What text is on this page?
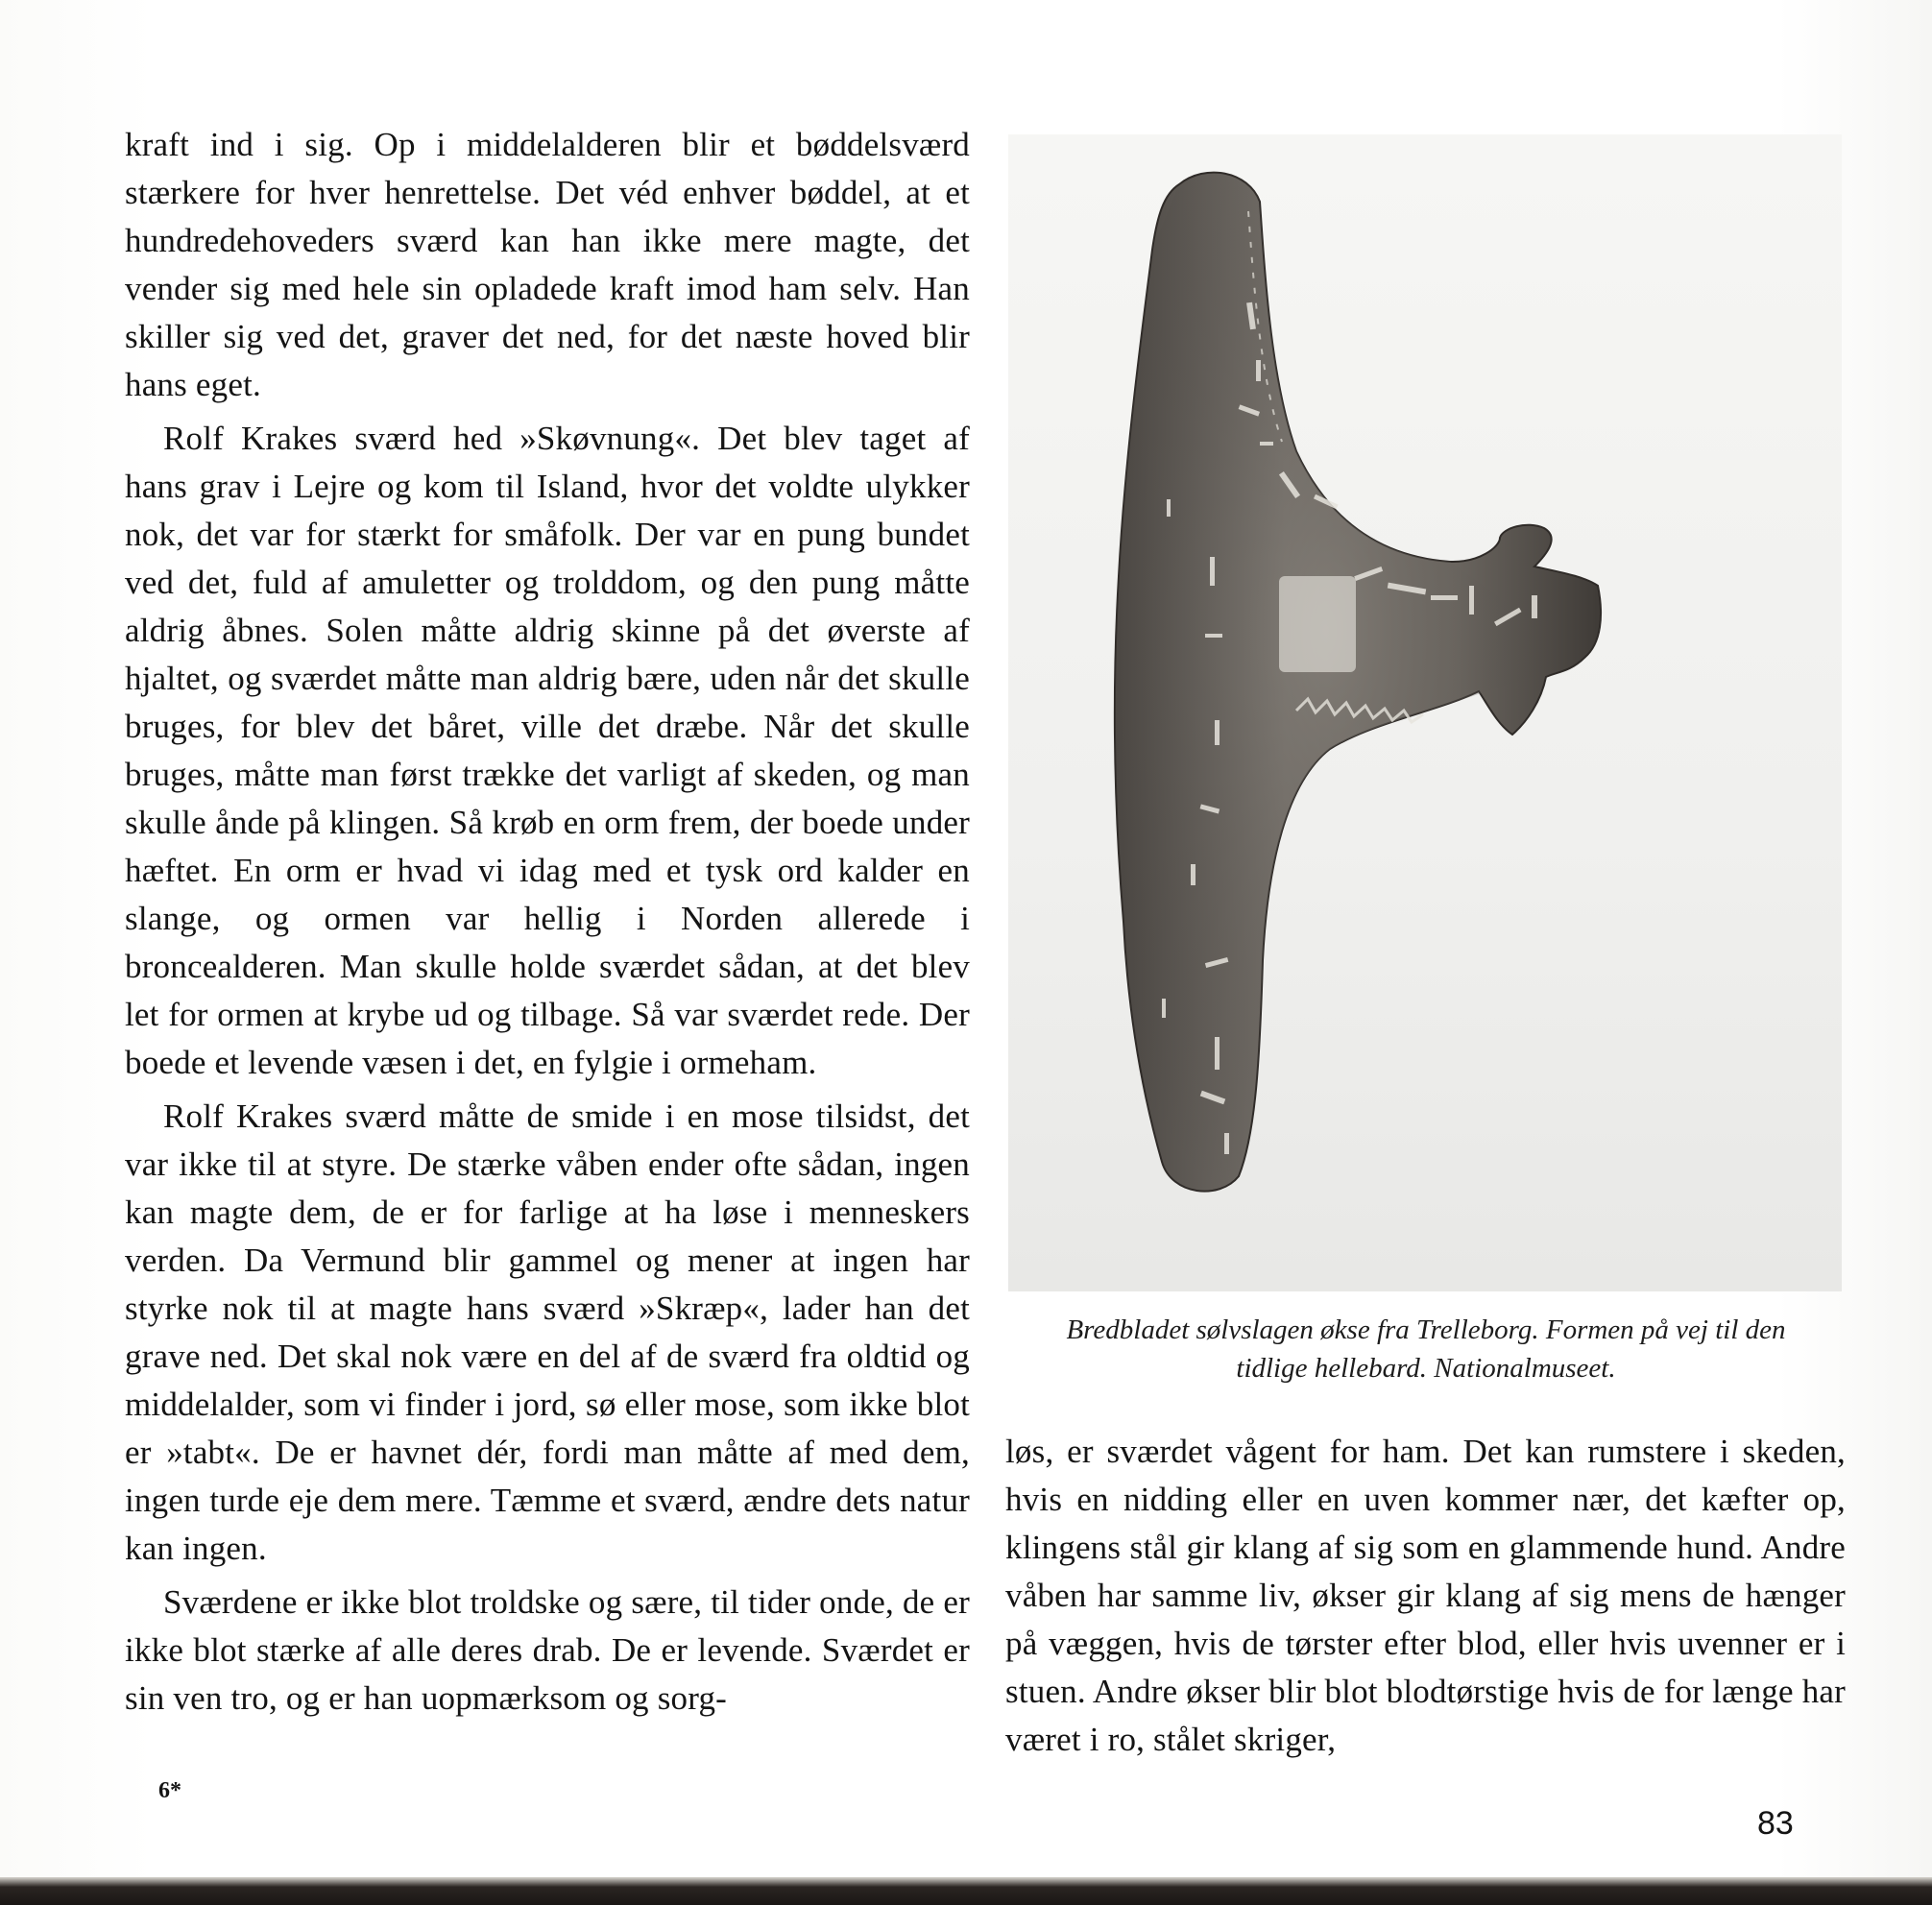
kraft ind i sig. Op i middelalderen blir et bøddelsværd stærkere for hver henrettelse. Det véd enhver bøddel, at et hundredehoveders sværd kan han ikke mere magte, det vender sig med hele sin opladede kraft imod ham selv. Han skiller sig ved det, graver det ned, for det næste hoved blir hans eget.

Rolf Krakes sværd hed »Skøvnung«. Det blev taget af hans grav i Lejre og kom til Island, hvor det voldte ulykker nok, det var for stærkt for småfolk. Der var en pung bundet ved det, fuld af amuletter og trolddom, og den pung måtte aldrig åbnes. Solen måtte aldrig skinne på det øverste af hjaltet, og sværdet måtte man aldrig bære, uden når det skulle bruges, for blev det båret, ville det dræbe. Når det skulle bruges, måtte man først trække det varligt af skeden, og man skulle ånde på klingen. Så krøb en orm frem, der boede under hæftet. En orm er hvad vi idag med et tysk ord kalder en slange, og ormen var hellig i Norden allerede i broncealderen. Man skulle holde sværdet sådan, at det blev let for ormen at krybe ud og tilbage. Så var sværdet rede. Der boede et levende væsen i det, en fylgie i ormeham.

Rolf Krakes sværd måtte de smide i en mose tilsidst, det var ikke til at styre. De stærke våben ender ofte sådan, ingen kan magte dem, de er for farlige at ha løse i menneskers verden. Da Vermund blir gammel og mener at ingen har styrke nok til at magte hans sværd »Skræp«, lader han det grave ned. Det skal nok være en del af de sværd fra oldtid og middelalder, som vi finder i jord, sø eller mose, som ikke blot er »tabt«. De er havnet dér, fordi man måtte af med dem, ingen turde eje dem mere. Tæmme et sværd, ændre dets natur kan ingen.

Sværdene er ikke blot troldske og sære, til tider onde, de er ikke blot stærke af alle deres drab. De er levende. Sværdet er sin ven tro, og er han uopmærksom og sorg-

Bredbladet sølvslagen økse fra Trelleborg. Formen på vej til den
tidlige hellebard. Nationalmuseet.

løs, er sværdet vågent for ham. Det kan rumstere i skeden, hvis en nidding eller en uven kommer nær, det kæfter op, klingens stål gir klang af sig som en glammende hund. Andre våben har samme liv, økser gir klang af sig mens de hænger på væggen, hvis de tørster efter blod, eller hvis uvenner er i stuen. Andre økser blir blot blodtørstige hvis de for længe har været i ro, stålet skriger,

6*
83
